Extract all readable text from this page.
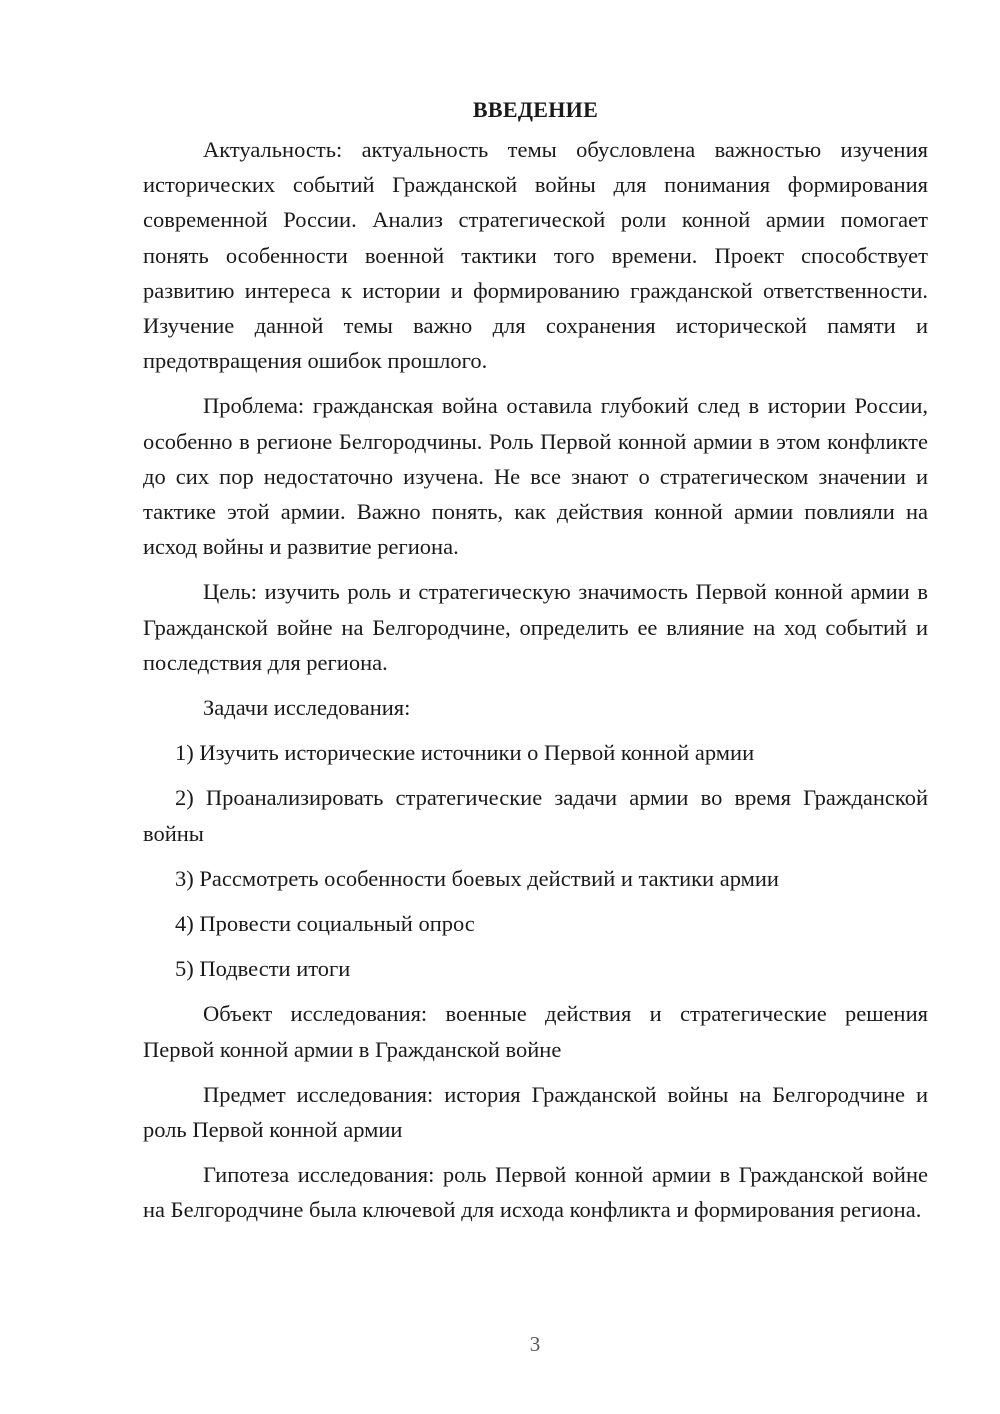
ВВЕДЕНИЕ

Актуальность: актуальность темы обусловлена важностью изучения исторических событий Гражданской войны для понимания формирования современной России. Анализ стратегической роли конной армии помогает понять особенности военной тактики того времени. Проект способствует развитию интереса к истории и формированию гражданской ответственности. Изучение данной темы важно для сохранения исторической памяти и предотвращения ошибок прошлого.

Проблема: гражданская война оставила глубокий след в истории России, особенно в регионе Белгородчины. Роль Первой конной армии в этом конфликте до сих пор недостаточно изучена. Не все знают о стратегическом значении и тактике этой армии. Важно понять, как действия конной армии повлияли на исход войны и развитие региона.

Цель: изучить роль и стратегическую значимость Первой конной армии в Гражданской войне на Белгородчине, определить ее влияние на ход событий и последствия для региона.

Задачи исследования:

1) Изучить исторические источники о Первой конной армии

2) Проанализировать стратегические задачи армии во время Гражданской войны

3) Рассмотреть особенности боевых действий и тактики армии

4) Провести социальный опрос

5) Подвести итоги

Объект исследования: военные действия и стратегические решения Первой конной армии в Гражданской войне

Предмет исследования: история Гражданской войны на Белгородчине и роль Первой конной армии

Гипотеза исследования: роль Первой конной армии в Гражданской войне на Белгородчине была ключевой для исхода конфликта и формирования региона.

3
